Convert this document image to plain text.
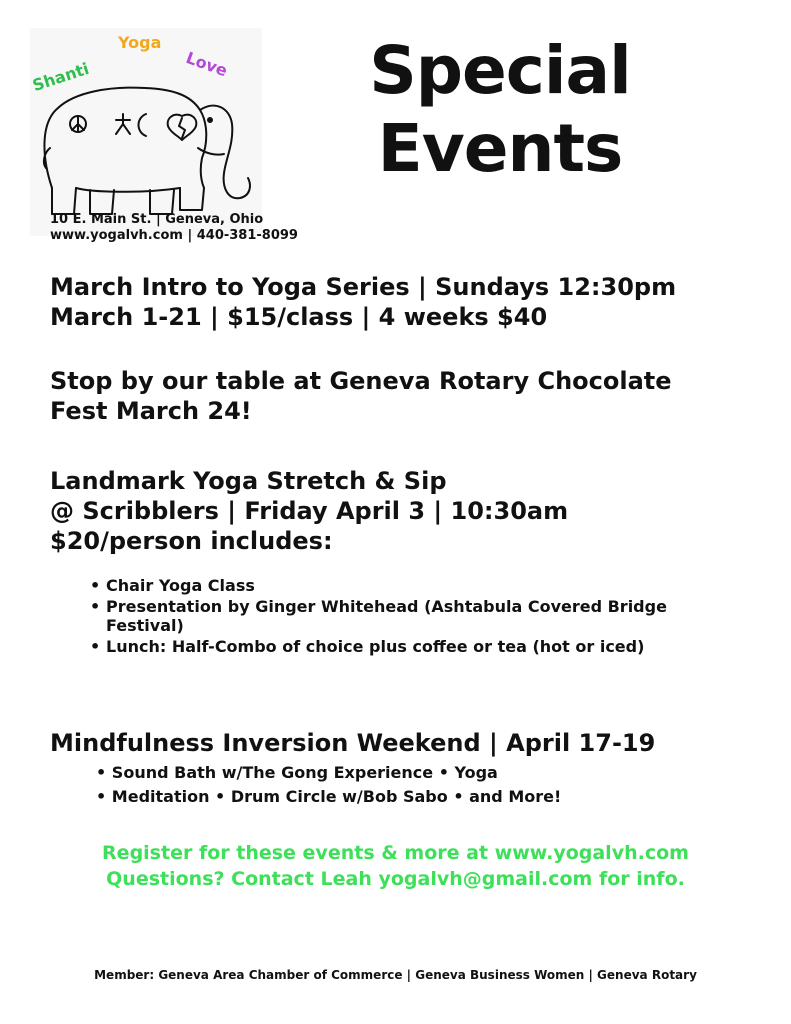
Shanti
Yoga
Love
10 E. Main St. | Geneva, Ohio
www.yogalvh.com | 440-381-8099
Special
Events
March Intro to Yoga Series | Sundays 12:30pm
March 1-21 | $15/class | 4 weeks $40
Stop by our table at Geneva Rotary Chocolate
Fest March 24!
Landmark Yoga Stretch & Sip
@ Scribblers | Friday April 3 | 10:30am
$20/person includes:
• Chair Yoga Class
• Presentation by Ginger Whitehead (Ashtabula Covered Bridge Festival)
• Lunch: Half-Combo of choice plus coffee or tea (hot or iced)
Mindfulness Inversion Weekend | April 17-19
• Sound Bath w/The Gong Experience • Yoga
• Meditation • Drum Circle w/Bob Sabo • and More!
Register for these events & more at www.yogalvh.com
Questions? Contact Leah yogalvh@gmail.com for info.
Member: Geneva Area Chamber of Commerce | Geneva Business Women | Geneva Rotary
